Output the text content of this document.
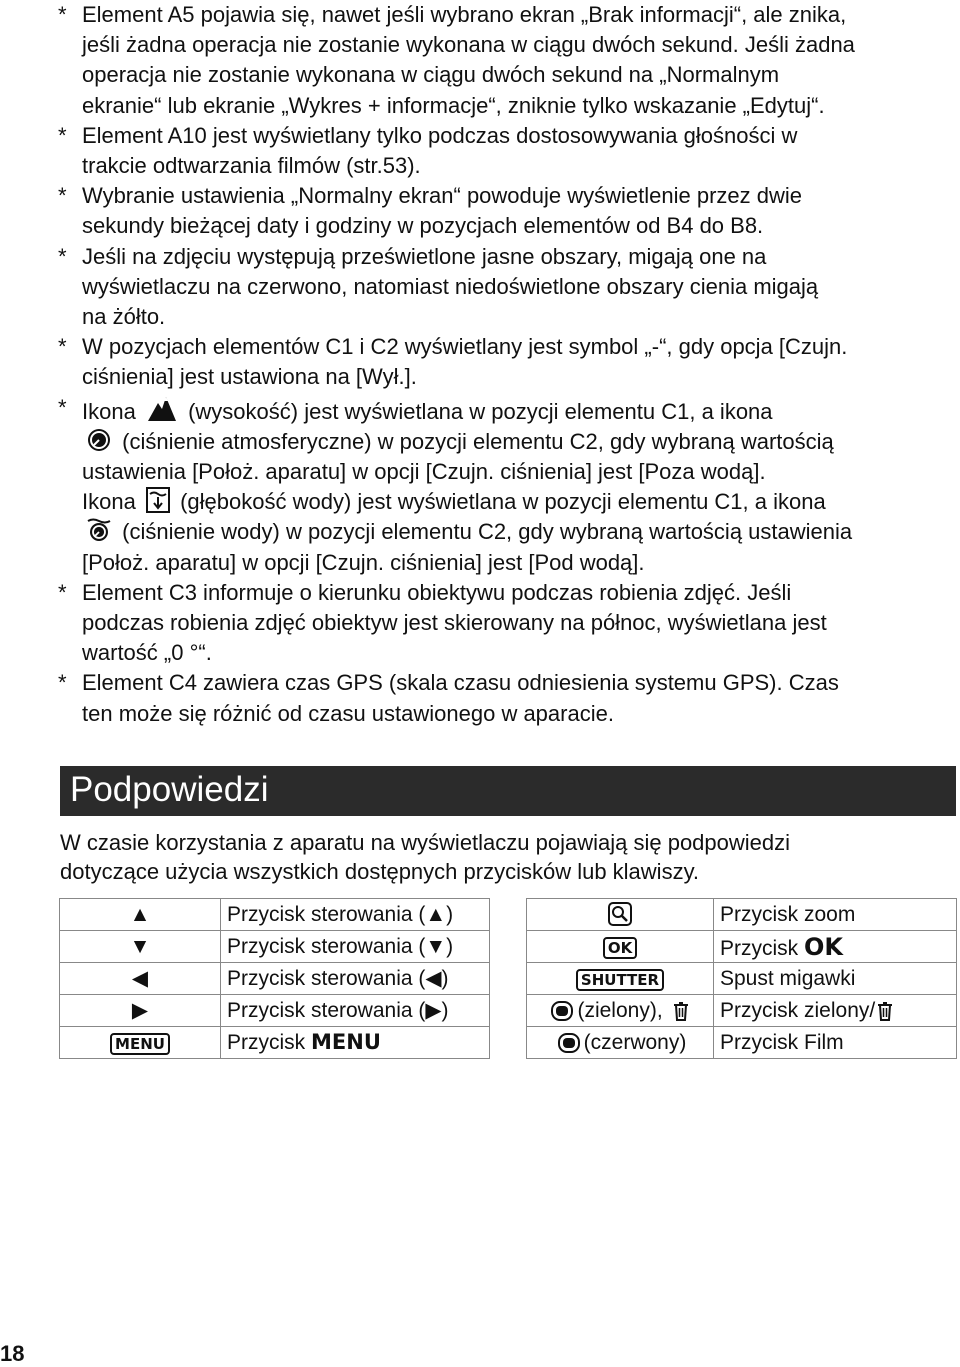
* Element A5 pojawia się, nawet jeśli wybrano ekran „Brak informacji“, ale znika,
jeśli żadna operacja nie zostanie wykonana w ciągu dwóch sekund. Jeśli żadna
operacja nie zostanie wykonana w ciągu dwóch sekund na „Normalnym
ekranie“ lub ekranie „Wykres + informacje“, zniknie tylko wskazanie „Edytuj“.
* Element A10 jest wyświetlany tylko podczas dostosowywania głośności w
trakcie odtwarzania filmów (str.53).
* Wybranie ustawienia „Normalny ekran“ powoduje wyświetlenie przez dwie
sekundy bieżącej daty i godziny w pozycjach elementów od B4 do B8.
* Jeśli na zdjęciu występują prześwietlone jasne obszary, migają one na
wyświetlaczu na czerwono, natomiast niedoświetlone obszary cienia migają
na żółto.
* W pozycjach elementów C1 i C2 wyświetlany jest symbol „-“, gdy opcja [Czujn.
ciśnienia] jest ustawiona na [Wył.].
* Ikona (wysokość) jest wyświetlana w pozycji elementu C1, a ikona
(ciśnienie atmosferyczne) w pozycji elementu C2, gdy wybraną wartością
ustawienia [Położ. aparatu] w opcji [Czujn. ciśnienia] jest [Poza wodą].
Ikona (głębokość wody) jest wyświetlana w pozycji elementu C1, a ikona
(ciśnienie wody) w pozycji elementu C2, gdy wybraną wartością ustawienia
[Położ. aparatu] w opcji [Czujn. ciśnienia] jest [Pod wodą].
* Element C3 informuje o kierunku obiektywu podczas robienia zdjęć. Jeśli
podczas robienia zdjęć obiektyw jest skierowany na północ, wyświetlana jest
wartość „0 °“.
* Element C4 zawiera czas GPS (skala czasu odniesienia systemu GPS). Czas
ten może się różnić od czasu ustawionego w aparacie.
Podpowiedzi
W czasie korzystania z aparatu na wyświetlaczu pojawiają się podpowiedzi
dotyczące użycia wszystkich dostępnych przycisków lub klawiszy.
▲	Przycisk sterowania (▲)
▼	Przycisk sterowania (▼)
◀	Przycisk sterowania (◀)
▶	Przycisk sterowania (▶)
MENU	Przycisk MENU
	Przycisk zoom
OK	Przycisk OK
SHUTTER	Spust migawki

(zielony),	Przycisk zielony/

(czerwony)	Przycisk Film
18
